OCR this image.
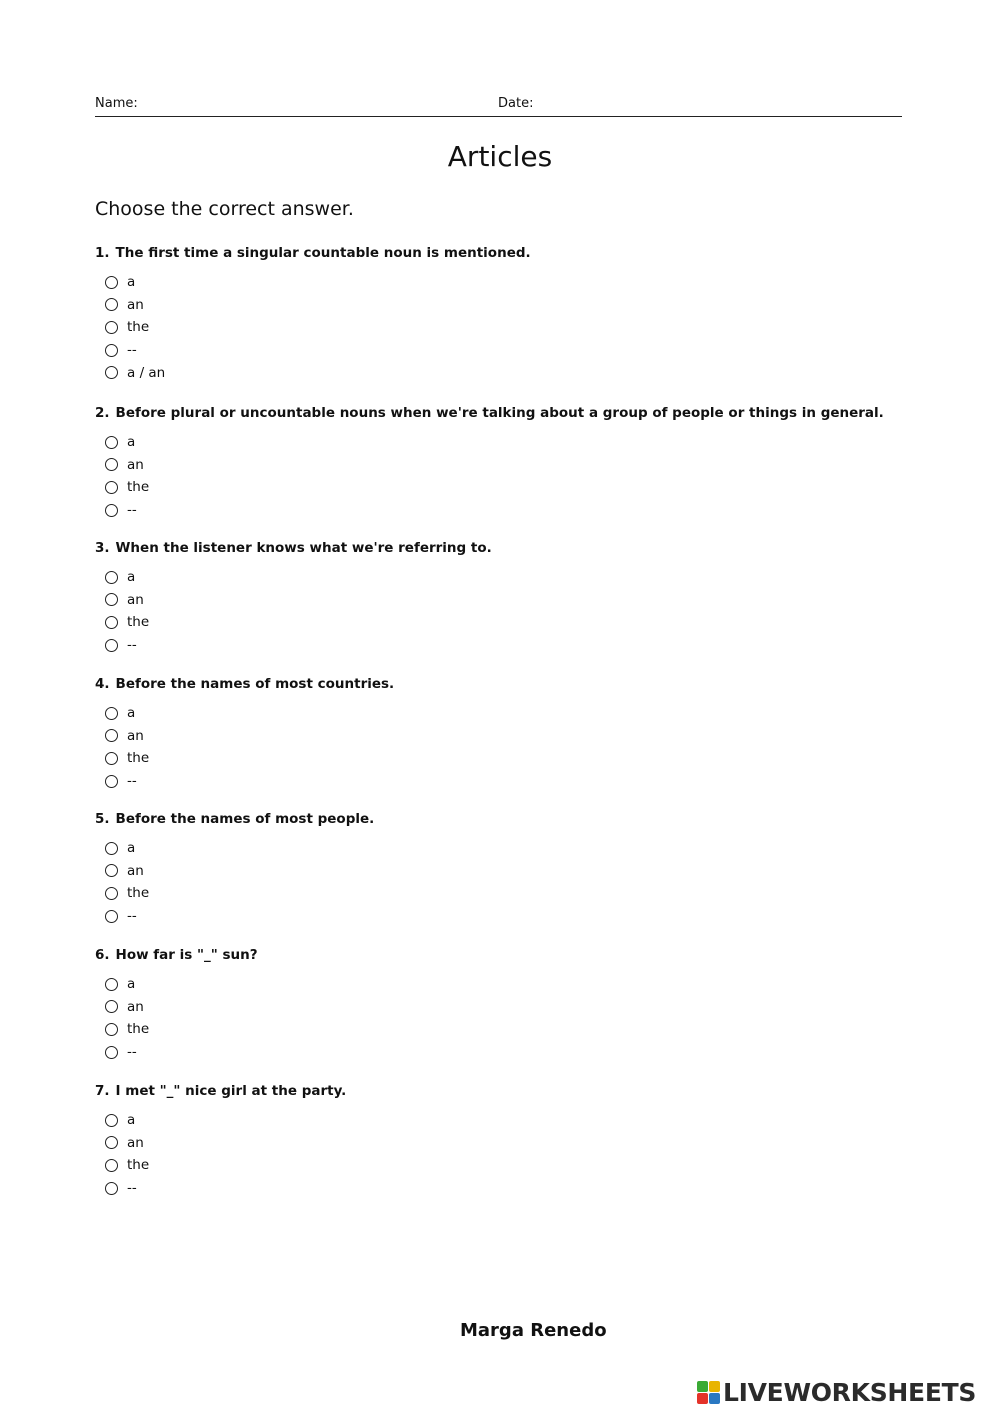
Name:	Date:
Articles

Choose the correct answer.

1. The first time a singular countable noun is mentioned.
a
an
the
--
a / an
2. Before plural or uncountable nouns when we're talking about a group of people or things in general.
a
an
the
--
3. When the listener knows what we're referring to.
a
an
the
--
4. Before the names of most countries.
a
an
the
--
5. Before the names of most people.
a
an
the
--
6. How far is "_" sun?
a
an
the
--
7. I met "_" nice girl at the party.
a
an
the
--
Marga Renedo
LIVEWORKSHEETS
